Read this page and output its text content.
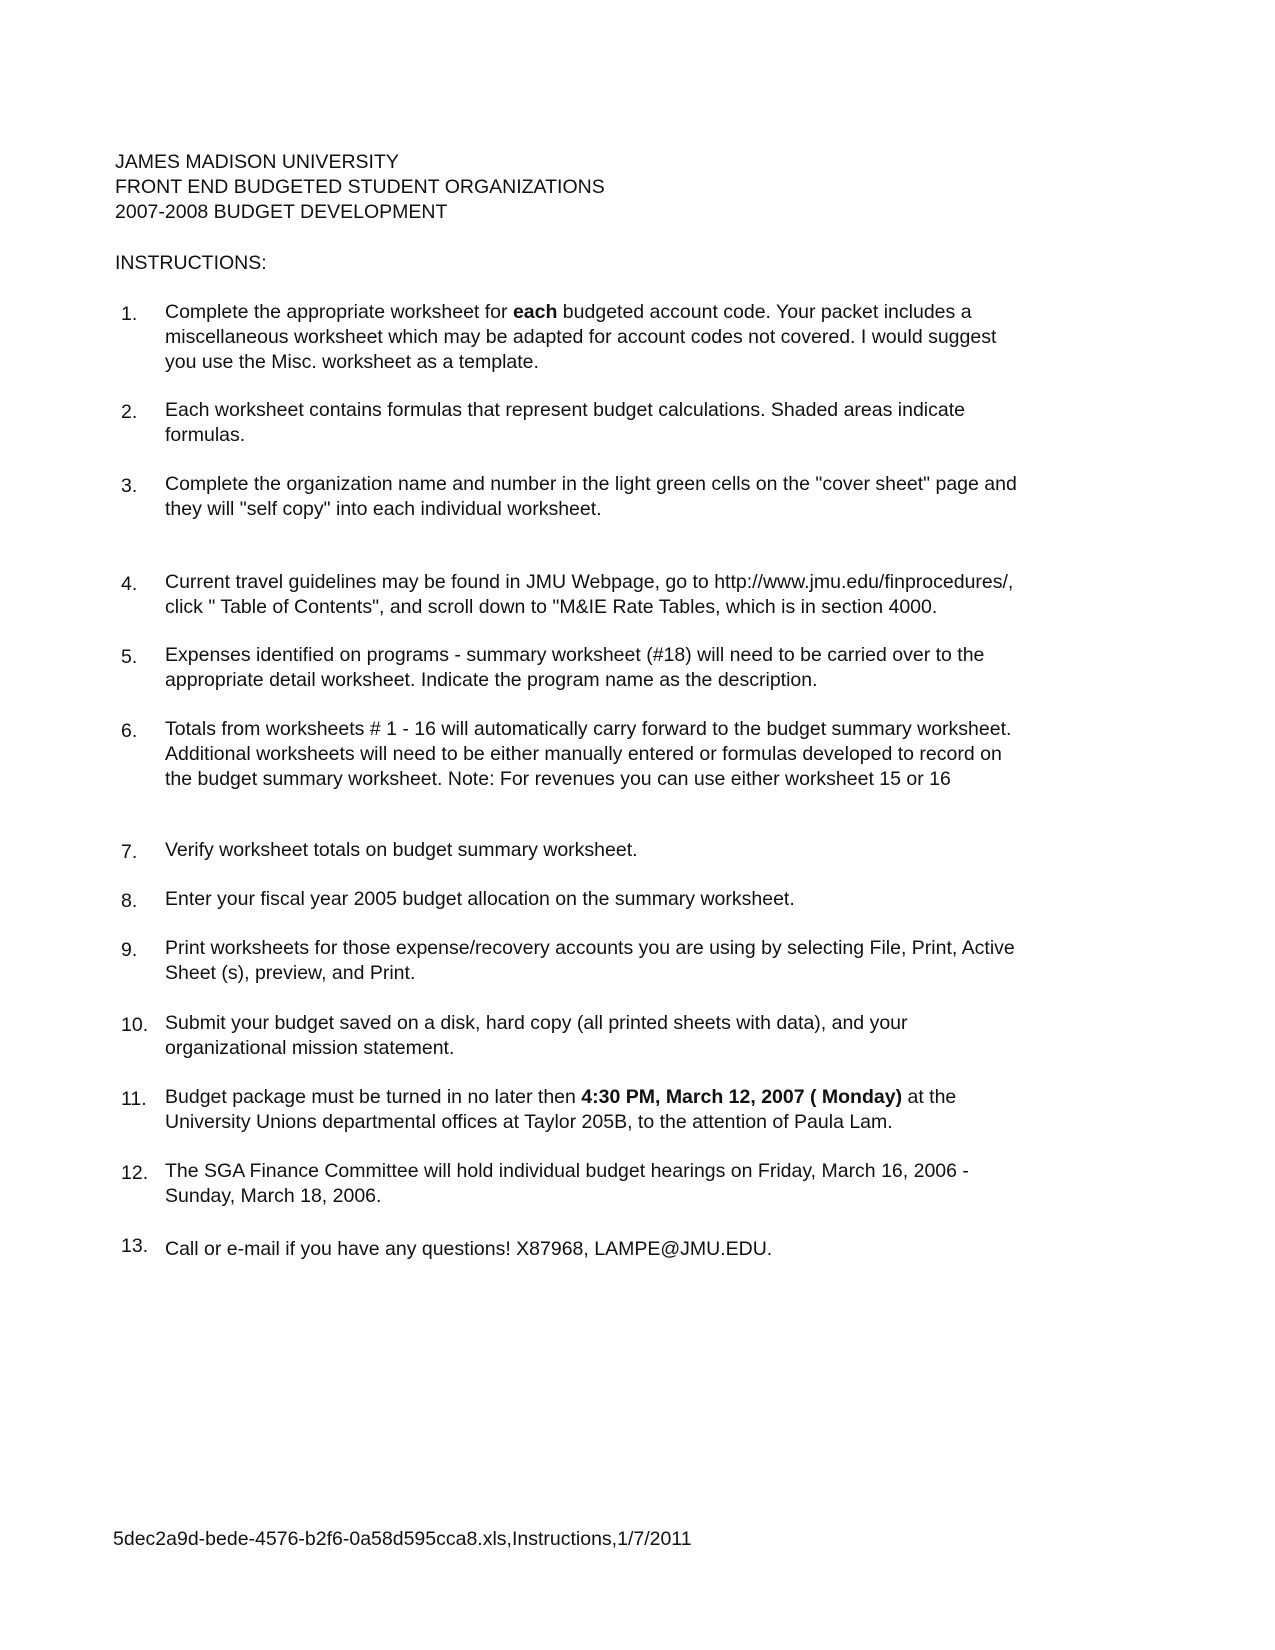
JAMES MADISON UNIVERSITY
FRONT END BUDGETED STUDENT ORGANIZATIONS
2007-2008 BUDGET DEVELOPMENT
INSTRUCTIONS:
1.	Complete the appropriate worksheet for each budgeted account code. Your packet includes a
miscellaneous worksheet which may be adapted for account codes not covered. I would suggest
you use the Misc. worksheet as a template.
2.	Each worksheet contains formulas that represent budget calculations. Shaded areas indicate
formulas.
3.	Complete the organization name and number in the light green cells on the "cover sheet" page and
they will "self copy" into each individual worksheet.
4.	Current travel guidelines may be found in JMU Webpage, go to http://www.jmu.edu/finprocedures/,
click " Table of Contents", and scroll down to "M&IE Rate Tables, which is in section 4000.
5.	Expenses identified on programs - summary worksheet (#18) will need to be carried over to the
appropriate detail worksheet. Indicate the program name as the description.
6.	Totals from worksheets # 1 - 16 will automatically carry forward to the budget summary worksheet.
Additional worksheets will need to be either manually entered or formulas developed to record on
the budget summary worksheet. Note: For revenues you can use either worksheet 15 or 16
7.	Verify worksheet totals on budget summary worksheet.
8.	Enter your fiscal year 2005 budget allocation on the summary worksheet.
9.	Print worksheets for those expense/recovery accounts you are using by selecting File, Print, Active
Sheet (s), preview, and Print.
10. Submit your budget saved on a disk, hard copy (all printed sheets with data), and your
organizational mission statement.
11. Budget package must be turned in no later then 4:30 PM, March 12, 2007 ( Monday) at the
University Unions departmental offices at Taylor 205B, to the attention of Paula Lam.
12. The SGA Finance Committee will hold individual budget hearings on Friday, March 16, 2006 -
Sunday, March 18, 2006.
13. Call or e-mail if you have any questions! X87968, LAMPE@JMU.EDU.
5dec2a9d-bede-4576-b2f6-0a58d595cca8.xls,Instructions,1/7/2011
